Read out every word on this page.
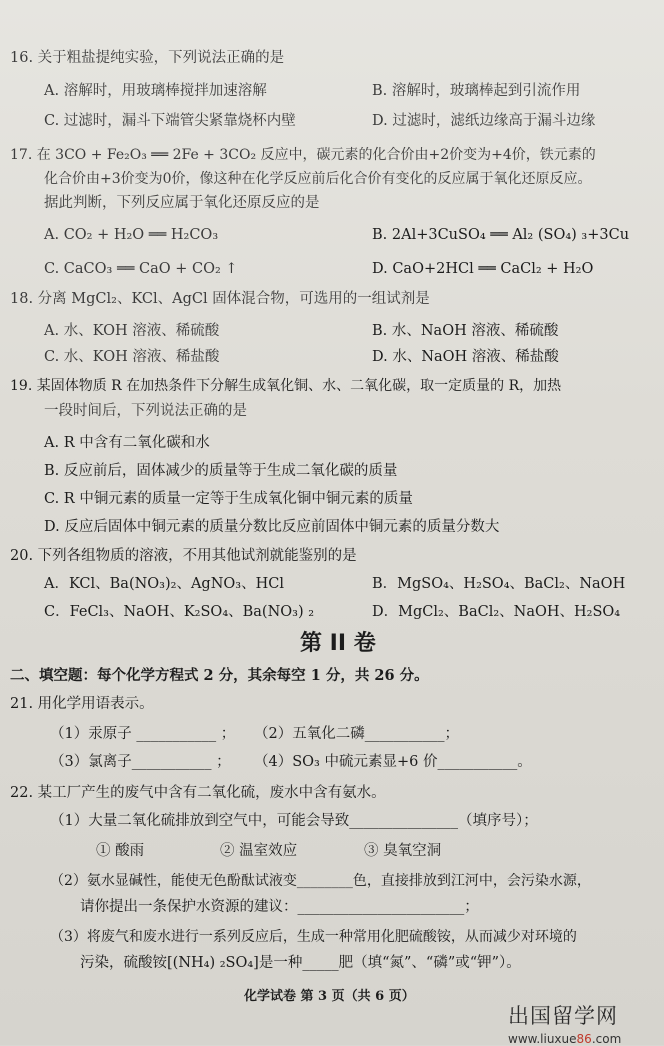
16. 关于粗盐提纯实验，下列说法正确的是
A. 溶解时，用玻璃棒搅拌加速溶解	B. 溶解时，玻璃棒起到引流作用
C. 过滤时，漏斗下端管尖紧靠烧杯内壁	D. 过滤时，滤纸边缘高于漏斗边缘
17. 在 3CO + Fe₂O₃ ══ 2Fe + 3CO₂ 反应中，碳元素的化合价由+2价变为+4价，铁元素的
化合价由+3价变为0价，像这种在化学反应前后化合价有变化的反应属于氧化还原反应。
据此判断，下列反应属于氧化还原反应的是
A. CO₂ + H₂O ══ H₂CO₃	B. 2Al+3CuSO₄ ══ Al₂ (SO₄) ₃+3Cu
C. CaCO₃ ══ CaO + CO₂ ↑	D. CaO+2HCl ══ CaCl₂ + H₂O
18. 分离 MgCl₂、KCl、AgCl 固体混合物，可选用的一组试剂是
A. 水、KOH 溶液、稀硫酸	B. 水、NaOH 溶液、稀硫酸
C. 水、KOH 溶液、稀盐酸	D. 水、NaOH 溶液、稀盐酸
19. 某固体物质 R 在加热条件下分解生成氧化铜、水、二氧化碳，取一定质量的 R，加热
一段时间后，下列说法正确的是
A. R 中含有二氧化碳和水
B. 反应前后，固体减少的质量等于生成二氧化碳的质量
C. R 中铜元素的质量一定等于生成氧化铜中铜元素的质量
D. 反应后固体中铜元素的质量分数比反应前固体中铜元素的质量分数大
20. 下列各组物质的溶液，不用其他试剂就能鉴别的是
A．KCl、Ba(NO₃)₂、AgNO₃、HCl	B．MgSO₄、H₂SO₄、BaCl₂、NaOH
C．FeCl₃、NaOH、K₂SO₄、Ba(NO₃) ₂	D．MgCl₂、BaCl₂、NaOH、H₂SO₄
第 II 卷
二、填空题：每个化学方程式 2 分，其余每空 1 分，共 26 分。
21. 用化学用语表示。
（1）汞原子 ___________ ； （2）五氧化二磷___________；
（3）氯离子___________ ； （4）SO₃ 中硫元素显+6 价___________。
22. 某工厂产生的废气中含有二氧化硫，废水中含有氨水。
（1）大量二氧化硫排放到空气中，可能会导致_______________（填序号）；
① 酸雨	② 温室效应	③ 臭氧空洞
（2）氨水显碱性，能使无色酚酞试液变________色，直接排放到江河中，会污染水源，
请你提出一条保护水资源的建议：_______________________；
（3）将废气和废水进行一系列反应后，生成一种常用化肥硫酸铵，从而减少对环境的
污染，硫酸铵[(NH₄) ₂SO₄]是一种_____肥（填“氮”、“磷”或“钾”）。
化学试卷 第 3 页（共 6 页）
出国留学网
www.liuxue86.com
